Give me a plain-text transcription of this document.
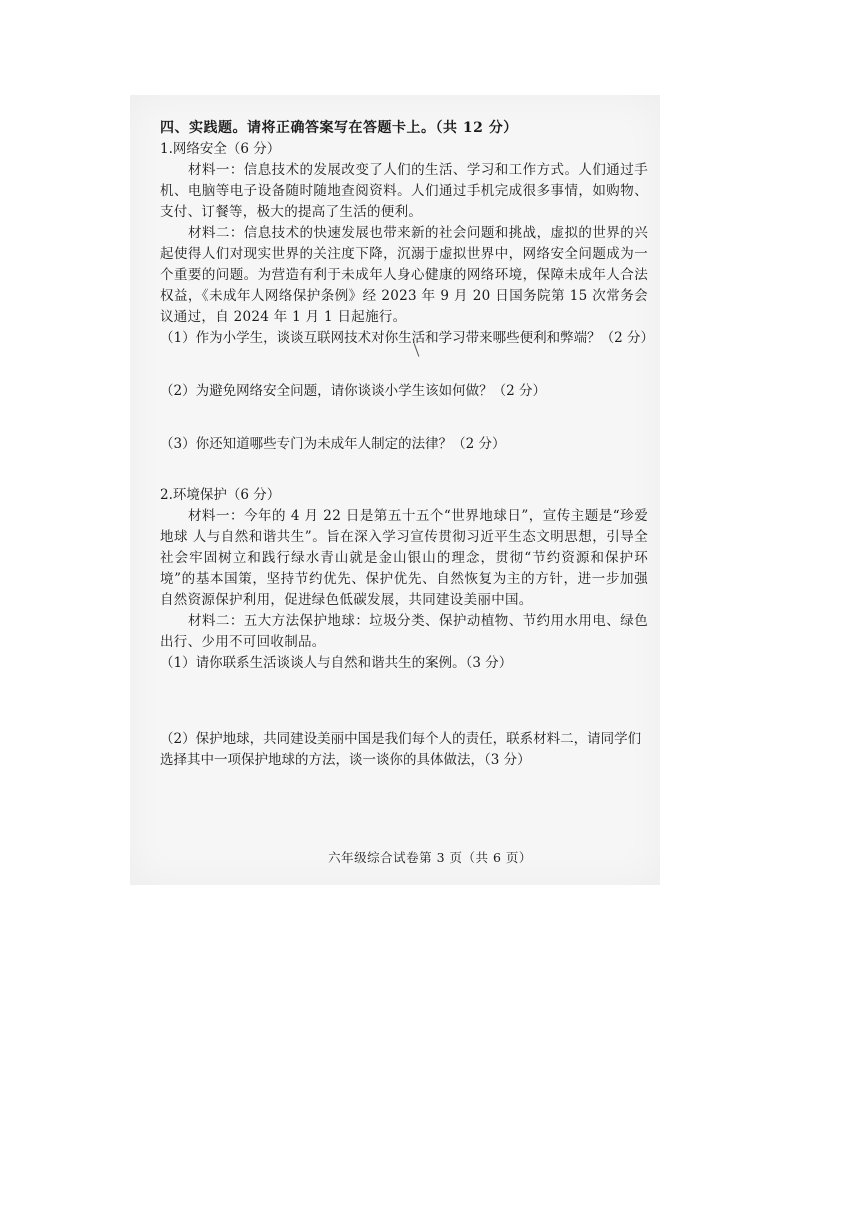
四、实践题。请将正确答案写在答题卡上。（共 12 分）
1.网络安全（6 分）
材料一：信息技术的发展改变了人们的生活、学习和工作方式。人们通过手机、电脑等电子设备随时随地查阅资料。人们通过手机完成很多事情，如购物、支付、订餐等，极大的提高了生活的便利。
材料二：信息技术的快速发展也带来新的社会问题和挑战，虚拟的世界的兴起使得人们对现实世界的关注度下降，沉溺于虚拟世界中，网络安全问题成为一个重要的问题。为营造有利于未成年人身心健康的网络环境，保障未成年人合法权益，《未成年人网络保护条例》经 2023 年 9 月 20 日国务院第 15 次常务会议通过，自 2024 年 1 月 1 日起施行。
（1）作为小学生，谈谈互联网技术对你生活和学习带来哪些便利和弊端？（2 分）
（2）为避免网络安全问题，请你谈谈小学生该如何做？（2 分）
（3）你还知道哪些专门为未成年人制定的法律？（2 分）
2.环境保护（6 分）
材料一：今年的 4 月 22 日是第五十五个“世界地球日”，宣传主题是“珍爱地球 人与自然和谐共生”。旨在深入学习宣传贯彻习近平生态文明思想，引导全社会牢固树立和践行绿水青山就是金山银山的理念，贯彻“节约资源和保护环境”的基本国策，坚持节约优先、保护优先、自然恢复为主的方针，进一步加强自然资源保护利用，促进绿色低碳发展，共同建设美丽中国。
材料二：五大方法保护地球：垃圾分类、保护动植物、节约用水用电、绿色出行、少用不可回收制品。
（1）请你联系生活谈谈人与自然和谐共生的案例。（3 分）
（2）保护地球，共同建设美丽中国是我们每个人的责任，联系材料二，请同学们选择其中一项保护地球的方法，谈一谈你的具体做法，（3 分）
六年级综合试卷第 3 页（共 6 页）
